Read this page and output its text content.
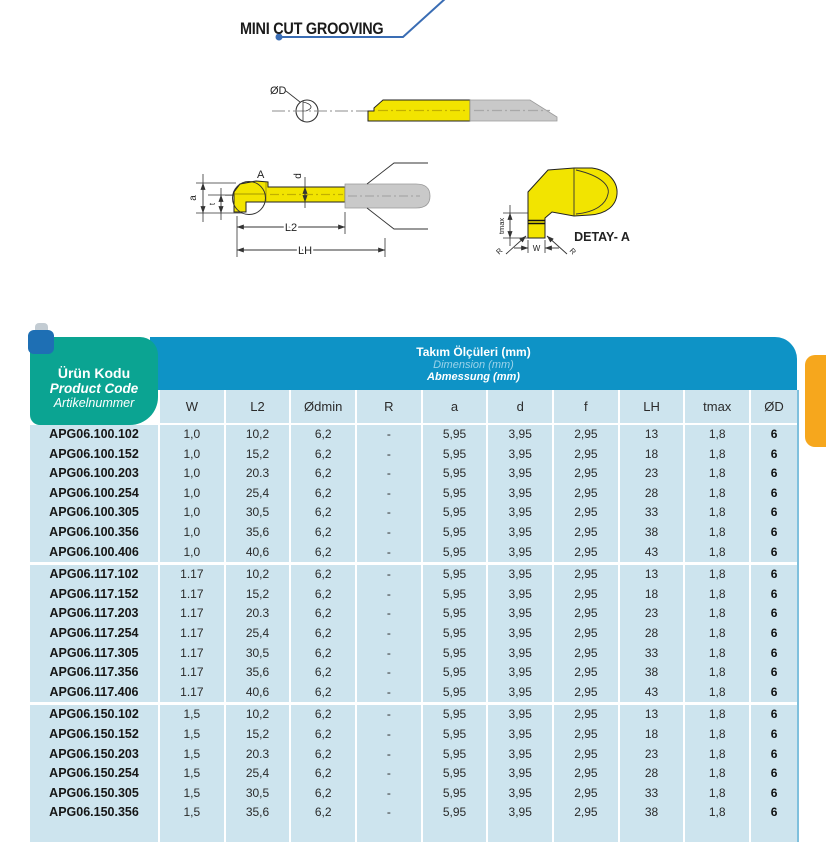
MINI CUT GROOVING
ØD
a
t
A	d
L2
LH
tmax
W
R	R
DETAY- A
Takım Ölçüleri (mm)
Dimension (mm)
Abmessung (mm)
W	L2	Ødmin	R	a	d	f	LH	tmax	ØD
APG06.100.102	1,0	10,2	6,2	-	5,95	3,95	2,95	13	1,8	6
APG06.100.152	1,0	15,2	6,2	-	5,95	3,95	2,95	18	1,8	6
APG06.100.203	1,0	20.3	6,2	-	5,95	3,95	2,95	23	1,8	6
APG06.100.254	1,0	25,4	6,2	-	5,95	3,95	2,95	28	1,8	6
APG06.100.305	1,0	30,5	6,2	-	5,95	3,95	2,95	33	1,8	6
APG06.100.356	1,0	35,6	6,2	-	5,95	3,95	2,95	38	1,8	6
APG06.100.406	1,0	40,6	6,2	-	5,95	3,95	2,95	43	1,8	6
APG06.117.102	1.17	10,2	6,2	-	5,95	3,95	2,95	13	1,8	6
APG06.117.152	1.17	15,2	6,2	-	5,95	3,95	2,95	18	1,8	6
APG06.117.203	1.17	20.3	6,2	-	5,95	3,95	2,95	23	1,8	6
APG06.117.254	1.17	25,4	6,2	-	5,95	3,95	2,95	28	1,8	6
APG06.117.305	1.17	30,5	6,2	-	5,95	3,95	2,95	33	1,8	6
APG06.117.356	1.17	35,6	6,2	-	5,95	3,95	2,95	38	1,8	6
APG06.117.406	1.17	40,6	6,2	-	5,95	3,95	2,95	43	1,8	6
APG06.150.102	1,5	10,2	6,2	-	5,95	3,95	2,95	13	1,8	6
APG06.150.152	1,5	15,2	6,2	-	5,95	3,95	2,95	18	1,8	6
APG06.150.203	1,5	20.3	6,2	-	5,95	3,95	2,95	23	1,8	6
APG06.150.254	1,5	25,4	6,2	-	5,95	3,95	2,95	28	1,8	6
APG06.150.305	1,5	30,5	6,2	-	5,95	3,95	2,95	33	1,8	6
APG06.150.356	1,5	35,6	6,2	-	5,95	3,95	2,95	38	1,8	6
Ürün Kodu
Product Code
Artikelnummer
